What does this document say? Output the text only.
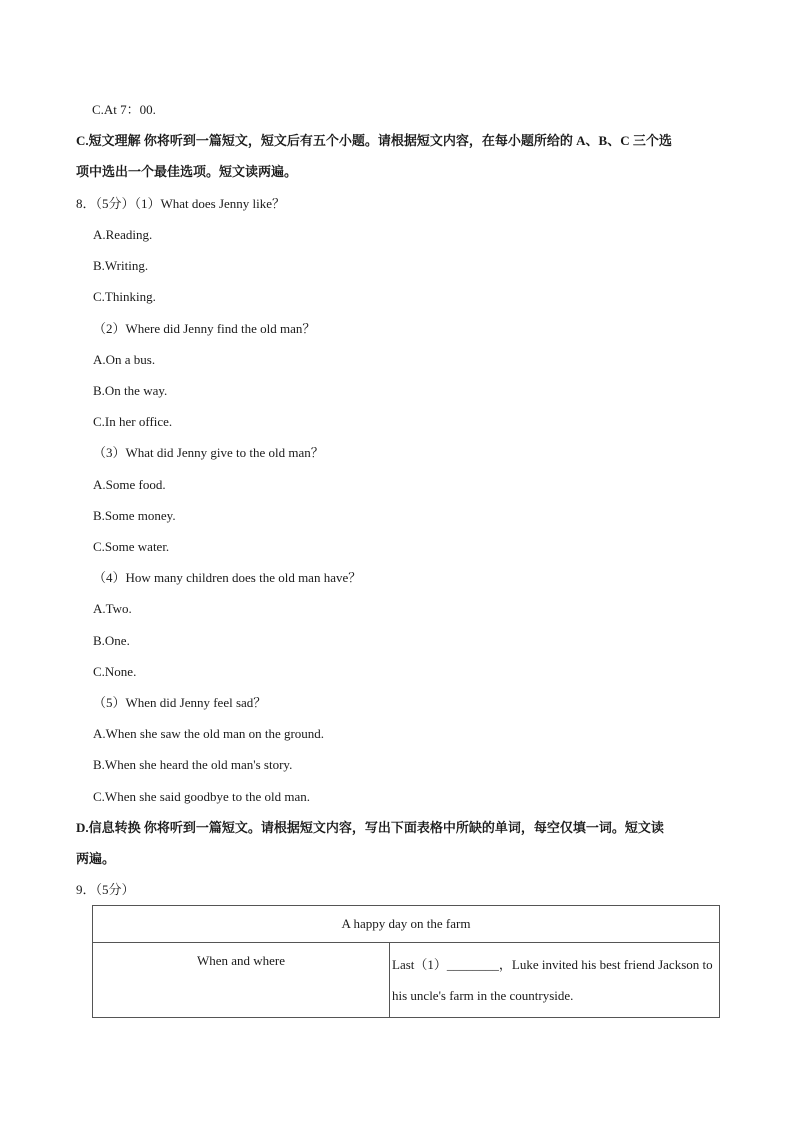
C.At 7：00.
C.短文理解 你将听到一篇短文，短文后有五个小题。请根据短文内容，在每小题所给的 A、B、C 三个选
项中选出一个最佳选项。短文读两遍。
8．（5分）（1）What does Jenny like？
A.Reading.
B.Writing.
C.Thinking.
（2）Where did Jenny find the old man？
A.On a bus.
B.On the way.
C.In her office.
（3）What did Jenny give to the old man？
A.Some food.
B.Some money.
C.Some water.
（4）How many children does the old man have？
A.Two.
B.One.
C.None.
（5）When did Jenny feel sad？
A.When she saw the old man on the ground.
B.When she heard the old man's story.
C.When she said goodbye to the old man.
D.信息转换 你将听到一篇短文。请根据短文内容，写出下面表格中所缺的单词，每空仅填一词。短文读
两遍。
9．（5分）
A happy day on the farm
When and where	Last（1）________，Luke invited his best friend Jackson to his uncle's farm in the countryside.
